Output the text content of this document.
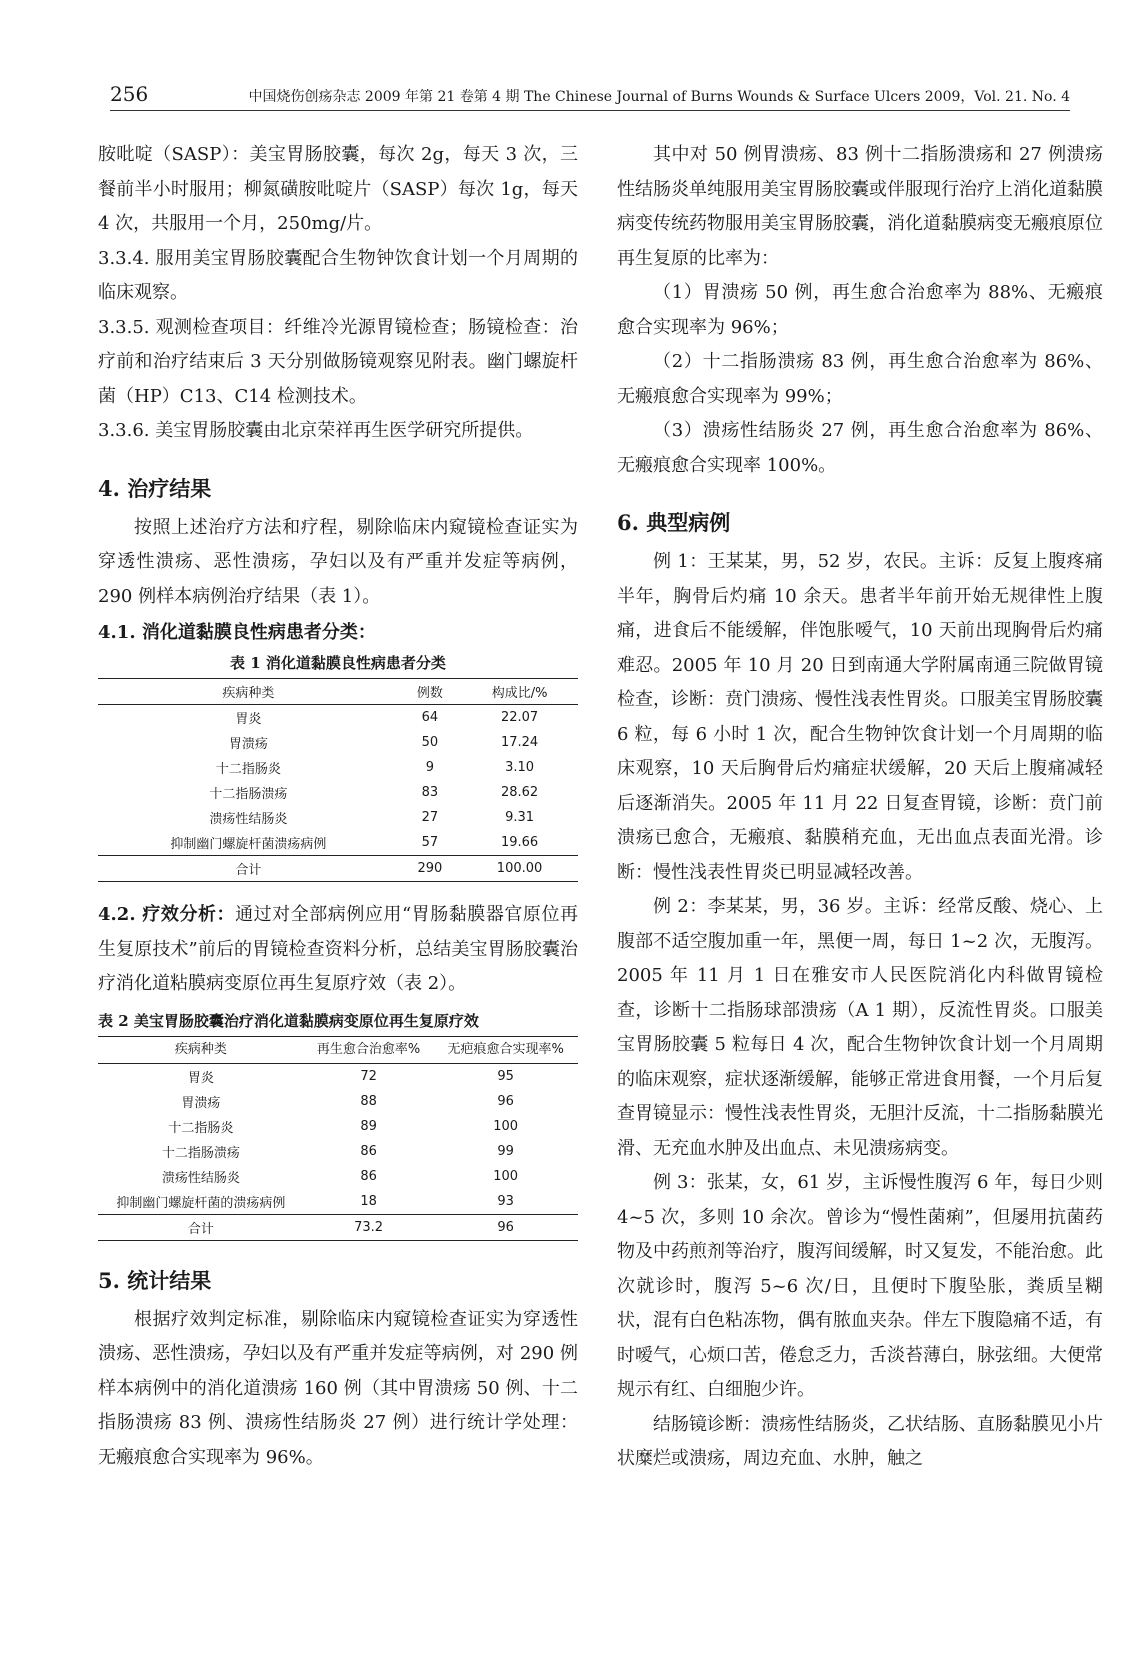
256	中国烧伤创疡杂志 2009 年第 21 卷第 4 期 The Chinese Journal of Burns Wounds & Surface Ulcers 2009，Vol. 21. No. 4

胺吡啶（SASP）：美宝胃肠胶囊，每次 2g，每天 3 次，三餐前半小时服用；柳氮磺胺吡啶片（SASP）每次 1g，每天 4 次，共服用一个月，250mg/片。

3.3.4. 服用美宝胃肠胶囊配合生物钟饮食计划一个月周期的临床观察。

3.3.5. 观测检查项目：纤维冷光源胃镜检查；肠镜检查：治疗前和治疗结束后 3 天分别做肠镜观察见附表。幽门螺旋杆菌（HP）C13、C14 检测技术。

3.3.6. 美宝胃肠胶囊由北京荣祥再生医学研究所提供。

4. 治疗结果

按照上述治疗方法和疗程，剔除临床内窥镜检查证实为穿透性溃疡、恶性溃疡，孕妇以及有严重并发症等病例，290 例样本病例治疗结果（表 1）。

4.1. 消化道黏膜良性病患者分类：
表 1 消化道黏膜良性病患者分类
疾病种类	例数	构成比/%
胃炎	64	22.07
胃溃疡	50	17.24
十二指肠炎	9	3.10
十二指肠溃疡	83	28.62
溃疡性结肠炎	27	9.31
抑制幽门螺旋杆菌溃疡病例	57	19.66
合计	290	100.00

4.2. 疗效分析：通过对全部病例应用“胃肠黏膜器官原位再生复原技术”前后的胃镜检查资料分析，总结美宝胃肠胶囊治疗消化道粘膜病变原位再生复原疗效（表 2）。

表 2 美宝胃肠胶囊治疗消化道黏膜病变原位再生复原疗效
疾病种类	再生愈合治愈率%	无疤痕愈合实现率%
胃炎	72	95
胃溃疡	88	96
十二指肠炎	89	100
十二指肠溃疡	86	99
溃疡性结肠炎	86	100
抑制幽门螺旋杆菌的溃疡病例	18	93
合计	73.2	96
5. 统计结果

根据疗效判定标准，剔除临床内窥镜检查证实为穿透性溃疡、恶性溃疡，孕妇以及有严重并发症等病例，对 290 例样本病例中的消化道溃疡 160 例（其中胃溃疡 50 例、十二指肠溃疡 83 例、溃疡性结肠炎 27 例）进行统计学处理：无瘢痕愈合实现率为 96%。

其中对 50 例胃溃疡、83 例十二指肠溃疡和 27 例溃疡性结肠炎单纯服用美宝胃肠胶囊或伴服现行治疗上消化道黏膜病变传统药物服用美宝胃肠胶囊，消化道黏膜病变无瘢痕原位再生复原的比率为：

（1）胃溃疡 50 例，再生愈合治愈率为 88%、无瘢痕愈合实现率为 96%；

（2）十二指肠溃疡 83 例，再生愈合治愈率为 86%、无瘢痕愈合实现率为 99%；

（3）溃疡性结肠炎 27 例，再生愈合治愈率为 86%、无瘢痕愈合实现率 100%。

6. 典型病例

例 1：王某某，男，52 岁，农民。主诉：反复上腹疼痛半年，胸骨后灼痛 10 余天。患者半年前开始无规律性上腹痛，进食后不能缓解，伴饱胀嗳气，10 天前出现胸骨后灼痛难忍。2005 年 10 月 20 日到南通大学附属南通三院做胃镜检查，诊断：贲门溃疡、慢性浅表性胃炎。口服美宝胃肠胶囊 6 粒，每 6 小时 1 次，配合生物钟饮食计划一个月周期的临床观察，10 天后胸骨后灼痛症状缓解，20 天后上腹痛减轻后逐渐消失。2005 年 11 月 22 日复查胃镜，诊断：贲门前溃疡已愈合，无瘢痕、黏膜稍充血，无出血点表面光滑。诊断：慢性浅表性胃炎已明显减轻改善。

例 2：李某某，男，36 岁。主诉：经常反酸、烧心、上腹部不适空腹加重一年，黑便一周，每日 1~2 次，无腹泻。2005 年 11 月 1 日在雅安市人民医院消化内科做胃镜检查，诊断十二指肠球部溃疡（A 1 期），反流性胃炎。口服美宝胃肠胶囊 5 粒每日 4 次，配合生物钟饮食计划一个月周期的临床观察，症状逐渐缓解，能够正常进食用餐，一个月后复查胃镜显示：慢性浅表性胃炎，无胆汁反流，十二指肠黏膜光滑、无充血水肿及出血点、未见溃疡病变。

例 3：张某，女，61 岁，主诉慢性腹泻 6 年，每日少则 4~5 次，多则 10 余次。曾诊为“慢性菌痢”，但屡用抗菌药物及中药煎剂等治疗，腹泻间缓解，时又复发，不能治愈。此次就诊时，腹泻 5~6 次/日，且便时下腹坠胀，粪质呈糊状，混有白色粘冻物，偶有脓血夹杂。伴左下腹隐痛不适，有时嗳气，心烦口苦，倦怠乏力，舌淡苔薄白，脉弦细。大便常规示有红、白细胞少许。

结肠镜诊断：溃疡性结肠炎，乙状结肠、直肠黏膜见小片状糜烂或溃疡，周边充血、水肿，触之
